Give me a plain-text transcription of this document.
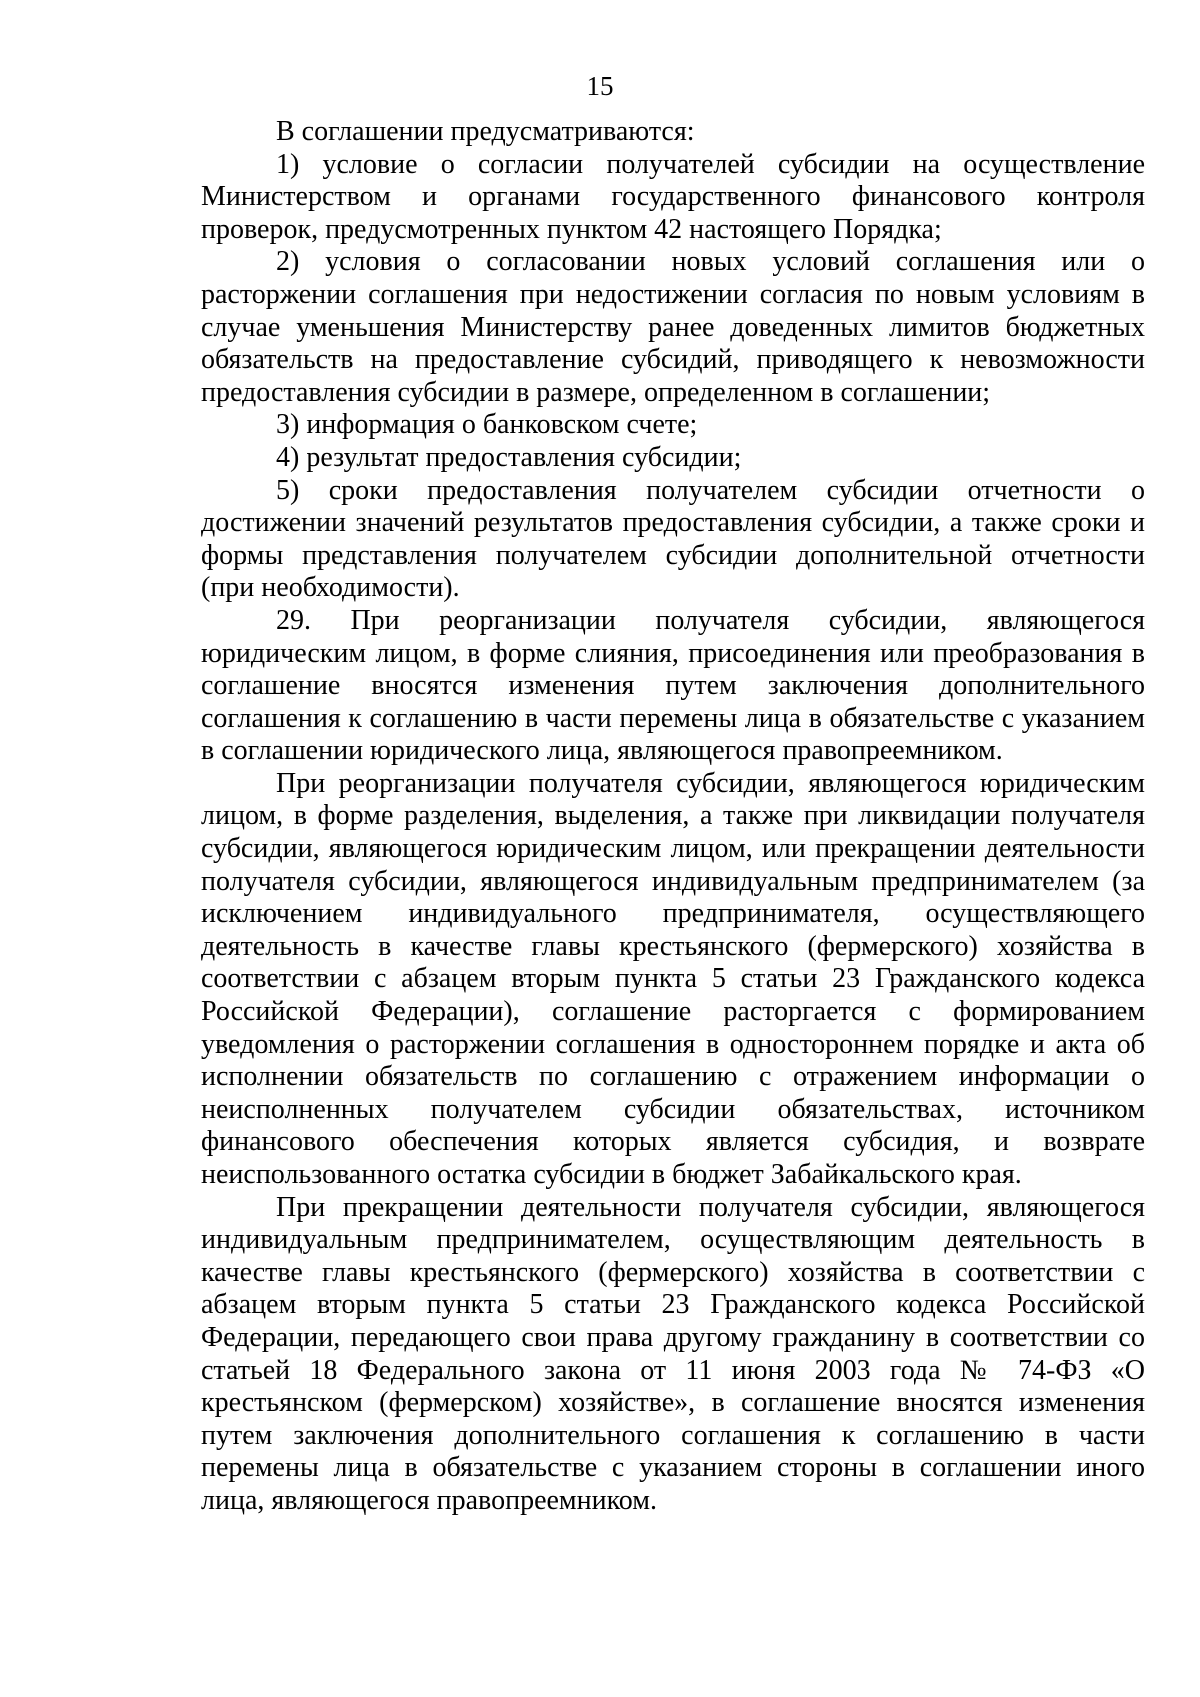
15

В соглашении предусматриваются:

1) условие о согласии получателей субсидии на осуществление Министерством и органами государственного финансового контроля проверок, предусмотренных пунктом 42 настоящего Порядка;

2) условия о согласовании новых условий соглашения или о расторжении соглашения при недостижении согласия по новым условиям в случае уменьшения Министерству ранее доведенных лимитов бюджетных обязательств на предоставление субсидий, приводящего к невозможности предоставления субсидии в размере, определенном в соглашении;

3) информация о банковском счете;

4) результат предоставления субсидии;

5) сроки предоставления получателем субсидии отчетности о достижении значений результатов предоставления субсидии, а также сроки и формы представления получателем субсидии дополнительной отчетности (при необходимости).

29. При реорганизации получателя субсидии, являющегося юридическим лицом, в форме слияния, присоединения или преобразования в соглашение вносятся изменения путем заключения дополнительного соглашения к соглашению в части перемены лица в обязательстве с указанием в соглашении юридического лица, являющегося правопреемником.

При реорганизации получателя субсидии, являющегося юридическим лицом, в форме разделения, выделения, а также при ликвидации получателя субсидии, являющегося юридическим лицом, или прекращении деятельности получателя субсидии, являющегося индивидуальным предпринимателем (за исключением индивидуального предпринимателя, осуществляющего деятельность в качестве главы крестьянского (фермерского) хозяйства в соответствии с абзацем вторым пункта 5 статьи 23 Гражданского кодекса Российской Федерации), соглашение расторгается с формированием уведомления о расторжении соглашения в одностороннем порядке и акта об исполнении обязательств по соглашению с отражением информации о неисполненных получателем субсидии обязательствах, источником финансового обеспечения которых является субсидия, и возврате неиспользованного остатка субсидии в бюджет Забайкальского края.

При прекращении деятельности получателя субсидии, являющегося индивидуальным предпринимателем, осуществляющим деятельность в качестве главы крестьянского (фермерского) хозяйства в соответствии с абзацем вторым пункта 5 статьи 23 Гражданского кодекса Российской Федерации, передающего свои права другому гражданину в соответствии со статьей 18 Федерального закона от 11 июня 2003 года № 74-ФЗ «О крестьянском (фермерском) хозяйстве», в соглашение вносятся изменения путем заключения дополнительного соглашения к соглашению в части перемены лица в обязательстве с указанием стороны в соглашении иного лица, являющегося правопреемником.
